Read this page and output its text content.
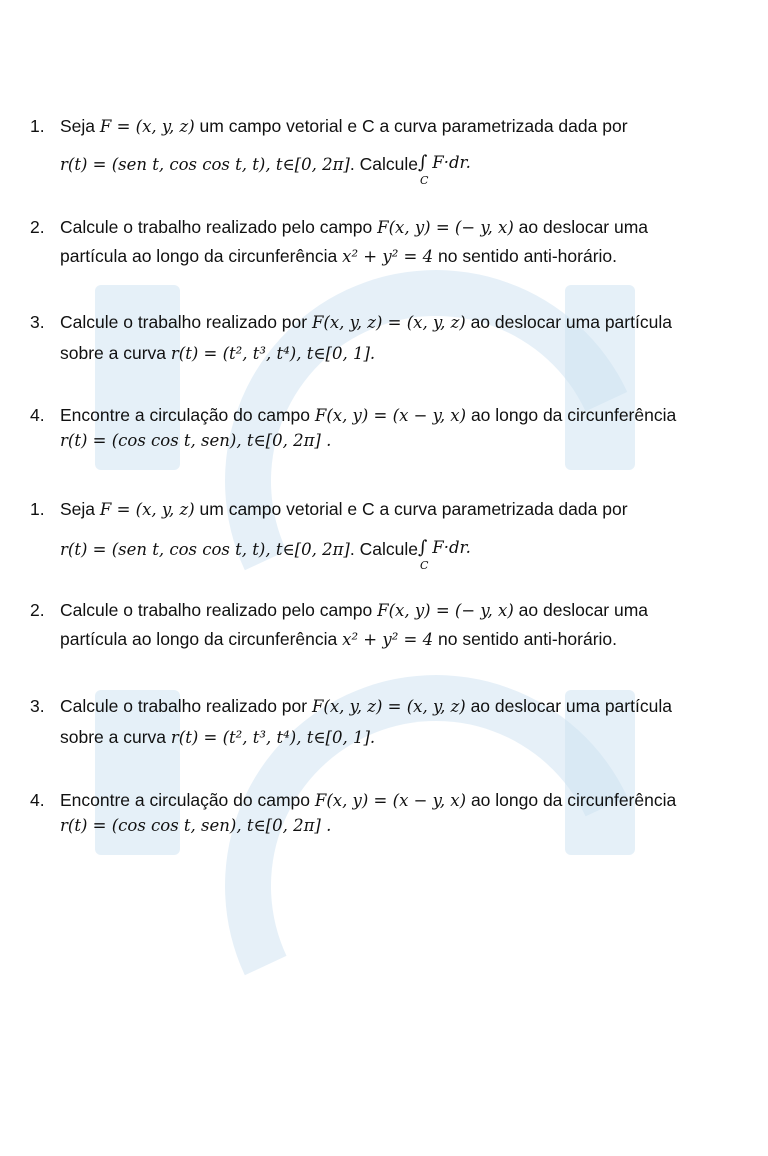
1. Seja F = (x, y, z) um campo vetorial e C a curva parametrizada dada por
r(t) = (sen t, cos cos t, t), t∈[0, 2π]. Calcule ∫
C
F·dr.
2. Calcule o trabalho realizado pelo campo F(x, y) = (− y, x) ao deslocar uma
partícula ao longo da circunferência x² + y² = 4 no sentido anti-horário.
3. Calcule o trabalho realizado por F(x, y, z) = (x, y, z) ao deslocar uma partícula
sobre a curva r(t) = (t², t³, t⁴), t∈[0, 1].
4. Encontre a circulação do campo F(x, y) = (x − y, x) ao longo da circunferência
r(t) = (cos cos t, sen), t∈[0, 2π] .
1. Seja F = (x, y, z) um campo vetorial e C a curva parametrizada dada por
r(t) = (sen t, cos cos t, t), t∈[0, 2π]. Calcule ∫
C
F·dr.
2. Calcule o trabalho realizado pelo campo F(x, y) = (− y, x) ao deslocar uma
partícula ao longo da circunferência x² + y² = 4 no sentido anti-horário.
3. Calcule o trabalho realizado por F(x, y, z) = (x, y, z) ao deslocar uma partícula
sobre a curva r(t) = (t², t³, t⁴), t∈[0, 1].
4. Encontre a circulação do campo F(x, y) = (x − y, x) ao longo da circunferência
r(t) = (cos cos t, sen), t∈[0, 2π] .
